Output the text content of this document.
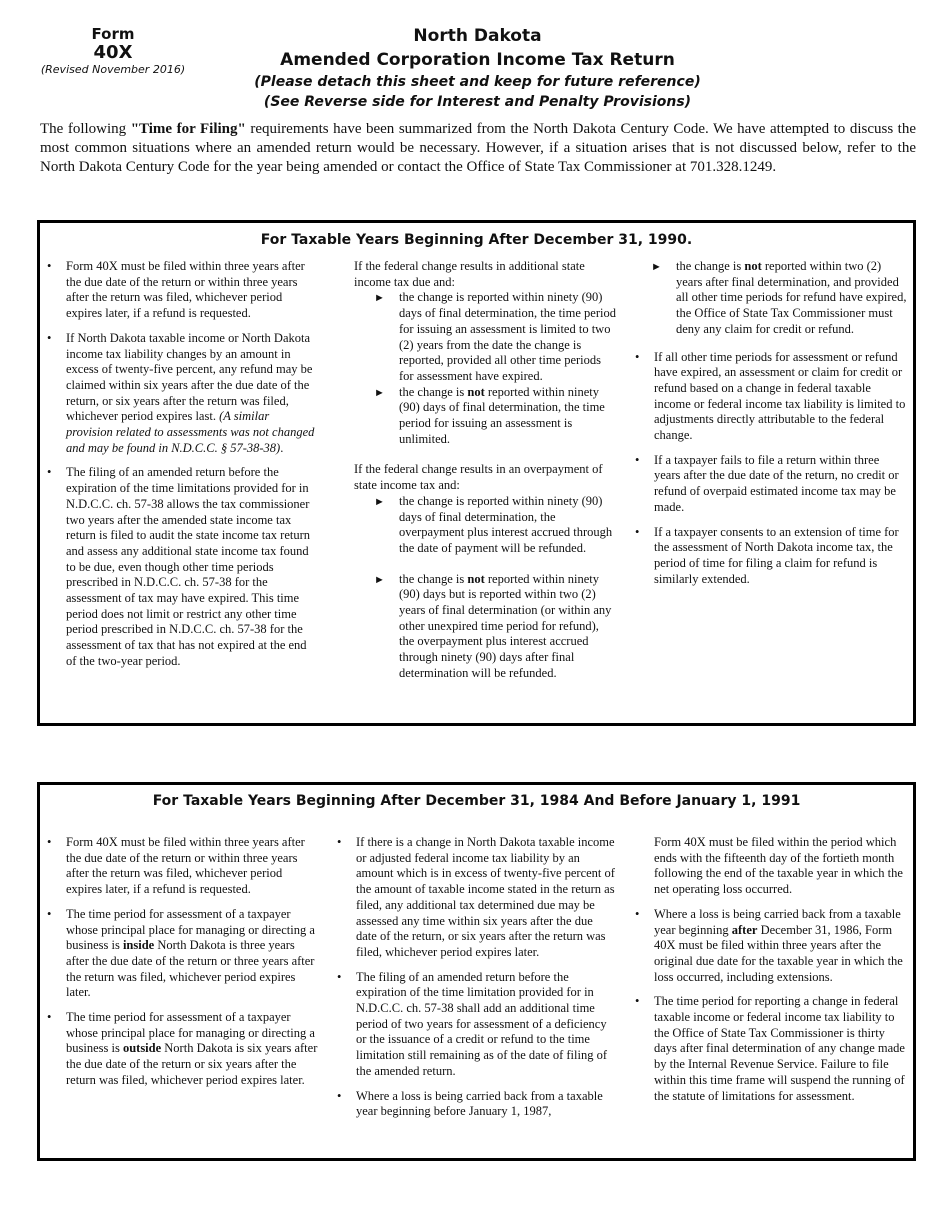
Form
40X
(Revised November 2016)
North Dakota
Amended Corporation Income Tax Return
(Please detach this sheet and keep for future reference)
(See Reverse side for Interest and Penalty Provisions)
The following "Time for Filing" requirements have been summarized from the North Dakota Century Code. We have attempted to discuss the most common situations where an amended return would be necessary. However, if a situation arises that is not discussed below, refer to the North Dakota Century Code for the year being amended or contact the Office of State Tax Commissioner at 701.328.1249.
For Taxable Years Beginning After December 31, 1990.
• Form 40X must be filed within three years after the due date of the return or within three years after the return was filed, whichever period expires later, if a refund is requested.
• If North Dakota taxable income or North Dakota income tax liability changes by an amount in excess of twenty-five percent, any refund may be claimed within six years after the due date of the return, or six years after the return was filed, whichever period expires last. (A similar provision related to assessments was not changed and may be found in N.D.C.C. § 57-38-38).
• The filing of an amended return before the expiration of the time limitations provided for in N.D.C.C. ch. 57-38 allows the tax commissioner two years after the amended state income tax return is filed to audit the state income tax return and assess any additional state income tax found to be due, even though other time periods prescribed in N.D.C.C. ch. 57-38 for the assessment of tax may have expired. This time period does not limit or restrict any other time period prescribed in N.D.C.C. ch. 57-38 for the assessment of tax that has not expired at the end of the two-year period.
If the federal change results in additional state income tax due and:
► the change is reported within ninety (90) days of final determination, the time period for issuing an assessment is limited to two (2) years from the date the change is reported, provided all other time periods for assessment have expired.
► the change is not reported within ninety (90) days of final determination, the time period for issuing an assessment is unlimited.
If the federal change results in an overpayment of state income tax and:
► the change is reported within ninety (90) days of final determination, the overpayment plus interest accrued through the date of payment will be refunded.
► the change is not reported within ninety (90) days but is reported within two (2) years of final determination (or within any other unexpired time period for refund), the overpayment plus interest accrued through ninety (90) days after final determination will be refunded.
► the change is not reported within two (2) years after final determination, and provided all other time periods for refund have expired, the Office of State Tax Commissioner must deny any claim for credit or refund.
• If all other time periods for assessment or refund have expired, an assessment or claim for credit or refund based on a change in federal taxable income or federal income tax liability is limited to adjustments directly attributable to the federal change.
• If a taxpayer fails to file a return within three years after the due date of the return, no credit or refund of overpaid estimated income tax may be made.
• If a taxpayer consents to an extension of time for the assessment of North Dakota income tax, the period of time for filing a claim for refund is similarly extended.
For Taxable Years Beginning After December 31, 1984 And Before January 1, 1991
• Form 40X must be filed within three years after the due date of the return or within three years after the return was filed, whichever period expires later, if a refund is requested.
• The time period for assessment of a taxpayer whose principal place for managing or directing a business is inside North Dakota is three years after the due date of the return or three years after the return was filed, whichever period expires later.
• The time period for assessment of a taxpayer whose principal place for managing or directing a business is outside North Dakota is six years after the due date of the return or six years after the return was filed, whichever period expires later.
• If there is a change in North Dakota taxable income or adjusted federal income tax liability by an amount which is in excess of twenty-five percent of the amount of taxable income stated in the return as filed, any additional tax determined due may be assessed any time within six years after the due date of the return, or six years after the return was filed, whichever period expires later.
• The filing of an amended return before the expiration of the time limitation provided for in N.D.C.C. ch. 57-38 shall add an additional time period of two years for assessment of a deficiency or the issuance of a credit or refund to the time limitation still remaining as of the date of filing of the amended return.
• Where a loss is being carried back from a taxable year beginning before January 1, 1987,
Form 40X must be filed within the period which ends with the fifteenth day of the fortieth month following the end of the taxable year in which the net operating loss occurred.
• Where a loss is being carried back from a taxable year beginning after December 31, 1986, Form 40X must be filed within three years after the original due date for the taxable year in which the loss occurred, including extensions.
• The time period for reporting a change in federal taxable income or federal income tax liability to the Office of State Tax Commissioner is thirty days after final determination of any change made by the Internal Revenue Service. Failure to file within this time frame will suspend the running of the statute of limitations for assessment.
